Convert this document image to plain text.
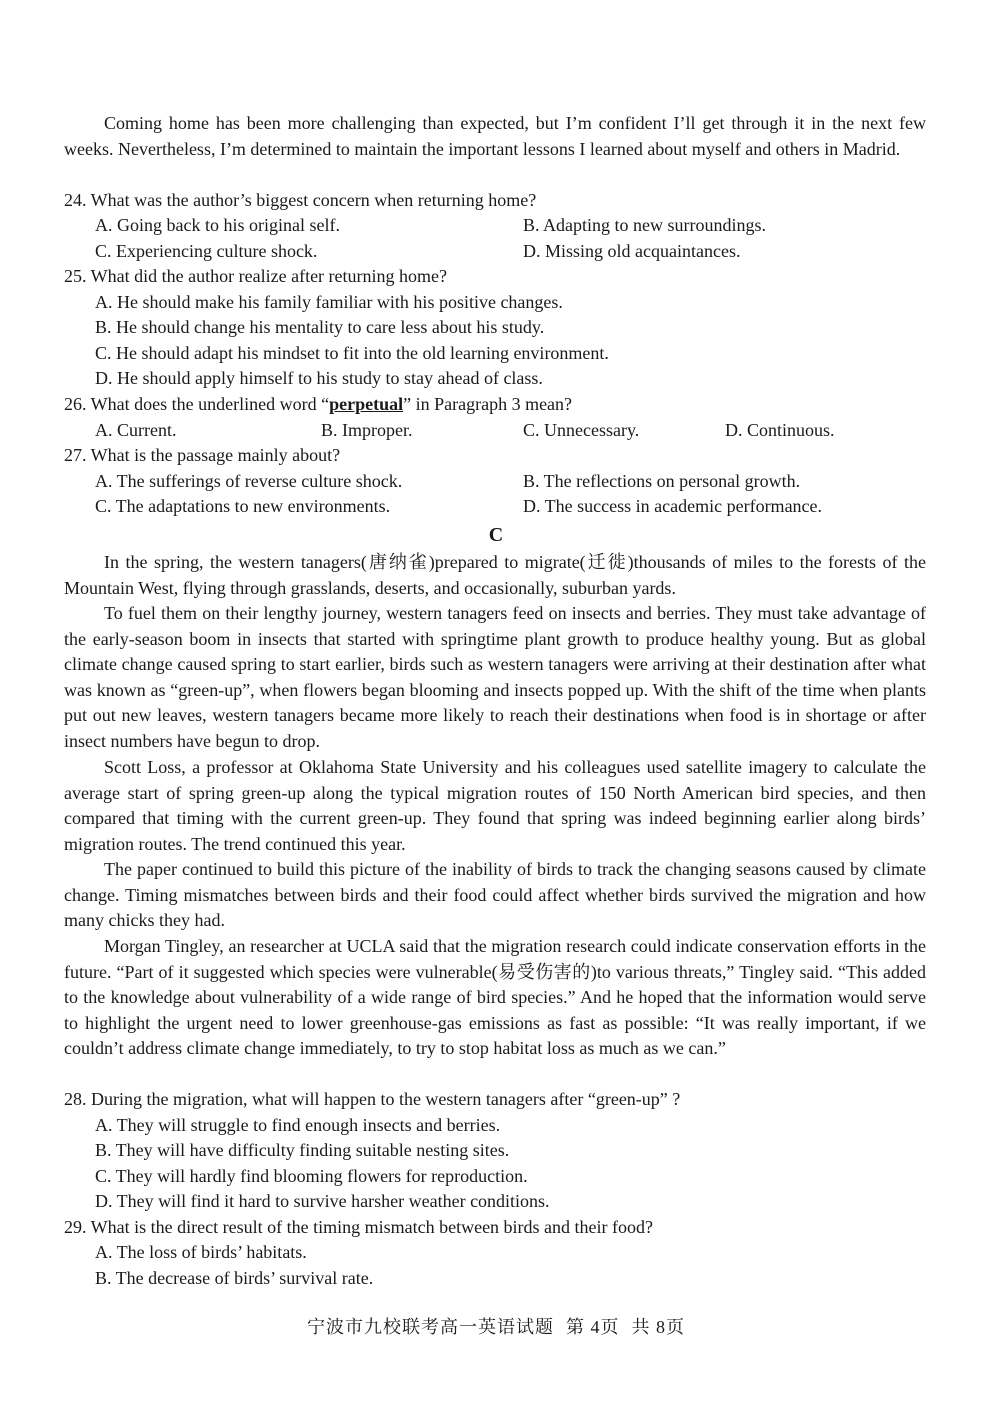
Coming home has been more challenging than expected, but I’m confident I’ll get through it in the next few weeks. Nevertheless, I’m determined to maintain the important lessons I learned about myself and others in Madrid.

24. What was the author’s biggest concern when returning home?
A. Going back to his original self.	B. Adapting to new surroundings.
C. Experiencing culture shock.	D. Missing old acquaintances.
25. What did the author realize after returning home?
A. He should make his family familiar with his positive changes.
B. He should change his mentality to care less about his study.
C. He should adapt his mindset to fit into the old learning environment.
D. He should apply himself to his study to stay ahead of class.
26. What does the underlined word “perpetual” in Paragraph 3 mean?
A. Current.	B. Improper.	C. Unnecessary.	D. Continuous.
27. What is the passage mainly about?
A. The sufferings of reverse culture shock.	B. The reflections on personal growth.
C. The adaptations to new environments.	D. The success in academic performance.
C

In the spring, the western tanagers(唐纳雀)prepared to migrate(迁徙)thousands of miles to the forests of the Mountain West, flying through grasslands, deserts, and occasionally, suburban yards.

To fuel them on their lengthy journey, western tanagers feed on insects and berries. They must take advantage of the early-season boom in insects that started with springtime plant growth to produce healthy young. But as global climate change caused spring to start earlier, birds such as western tanagers were arriving at their destination after what was known as “green-up”, when flowers began blooming and insects popped up. With the shift of the time when plants put out new leaves, western tanagers became more likely to reach their destinations when food is in shortage or after insect numbers have begun to drop.

Scott Loss, a professor at Oklahoma State University and his colleagues used satellite imagery to calculate the average start of spring green-up along the typical migration routes of 150 North American bird species, and then compared that timing with the current green-up. They found that spring was indeed beginning earlier along birds’ migration routes. The trend continued this year.

The paper continued to build this picture of the inability of birds to track the changing seasons caused by climate change. Timing mismatches between birds and their food could affect whether birds survived the migration and how many chicks they had.

Morgan Tingley, an researcher at UCLA said that the migration research could indicate conservation efforts in the future. “Part of it suggested which species were vulnerable(易受伤害的)to various threats,” Tingley said. “This added to the knowledge about vulnerability of a wide range of bird species.” And he hoped that the information would serve to highlight the urgent need to lower greenhouse-gas emissions as fast as possible: “It was really important, if we couldn’t address climate change immediately, to try to stop habitat loss as much as we can.”

28. During the migration, what will happen to the western tanagers after “green-up” ?
A. They will struggle to find enough insects and berries.
B. They will have difficulty finding suitable nesting sites.
C. They will hardly find blooming flowers for reproduction.
D. They will find it hard to survive harsher weather conditions.
29. What is the direct result of the timing mismatch between birds and their food?
A. The loss of birds’ habitats.
B. The decrease of birds’ survival rate.
宁波市九校联考高一英语试题 第 4页 共 8页
